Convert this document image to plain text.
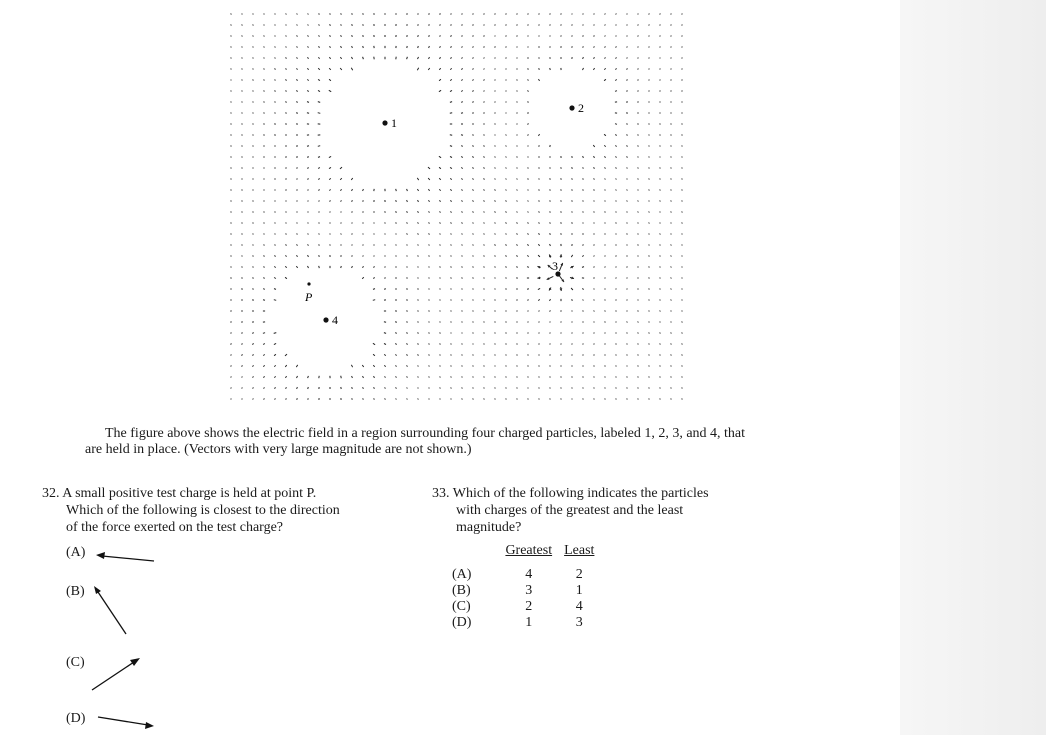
1
2
3
4
P
The figure above shows the electric field in a region surrounding four charged particles, labeled 1, 2, 3, and 4, that
are held in place. (Vectors with very large magnitude are not shown.)
32. A small positive test charge is held at point P.
Which of the following is closest to the direction
of the force exerted on the test charge?
(A)
(B)
(C)
(D)
33. Which of the following indicates the particles
with charges of the greatest and the least
magnitude?
	Greatest	Least
(A)	4	2
(B)	3	1
(C)	2	4
(D)	1	3
